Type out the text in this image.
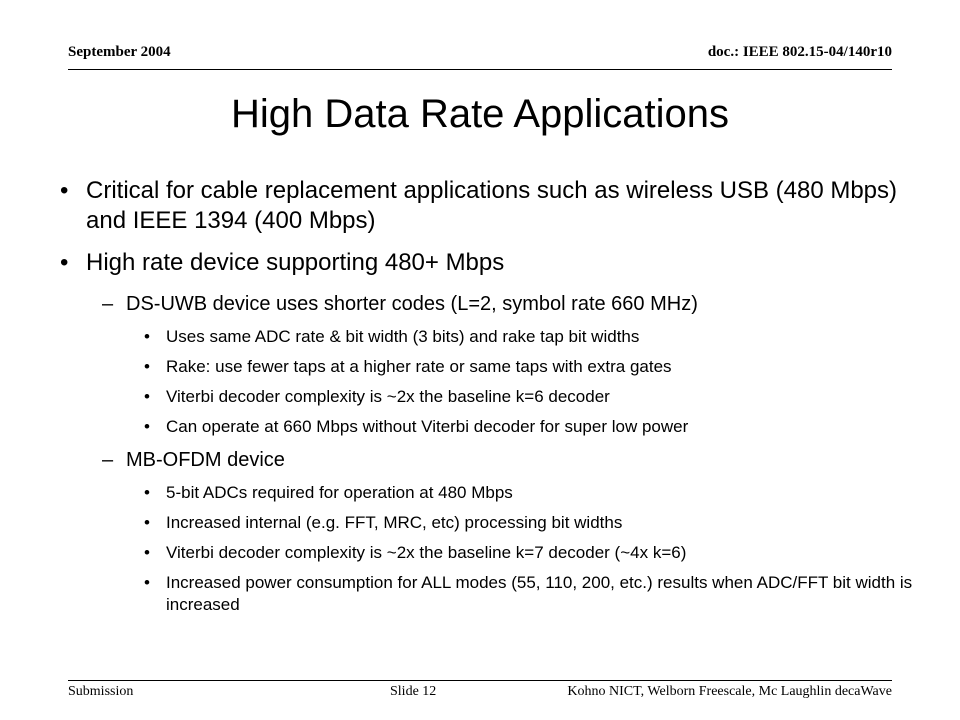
September 2004	doc.: IEEE 802.15-04/140r10
High Data Rate Applications
• Critical for cable replacement applications such as wireless USB (480 Mbps) and IEEE 1394 (400 Mbps)
• High rate device supporting 480+ Mbps
– DS-UWB device uses shorter codes (L=2, symbol rate 660 MHz)
• Uses same ADC rate & bit width (3 bits) and rake tap bit widths
• Rake: use fewer taps at a higher rate or same taps with extra gates
• Viterbi decoder complexity is ~2x the baseline k=6 decoder
• Can operate at 660 Mbps without Viterbi decoder for super low power
– MB-OFDM device
• 5-bit ADCs required for operation at 480 Mbps
• Increased internal (e.g. FFT, MRC, etc) processing bit widths
• Viterbi decoder complexity is ~2x the baseline k=7 decoder (~4x k=6)
• Increased power consumption for ALL modes (55, 110, 200, etc.) results when ADC/FFT bit width is increased
Submission	Slide 12	Kohno NICT, Welborn Freescale, Mc Laughlin decaWave
